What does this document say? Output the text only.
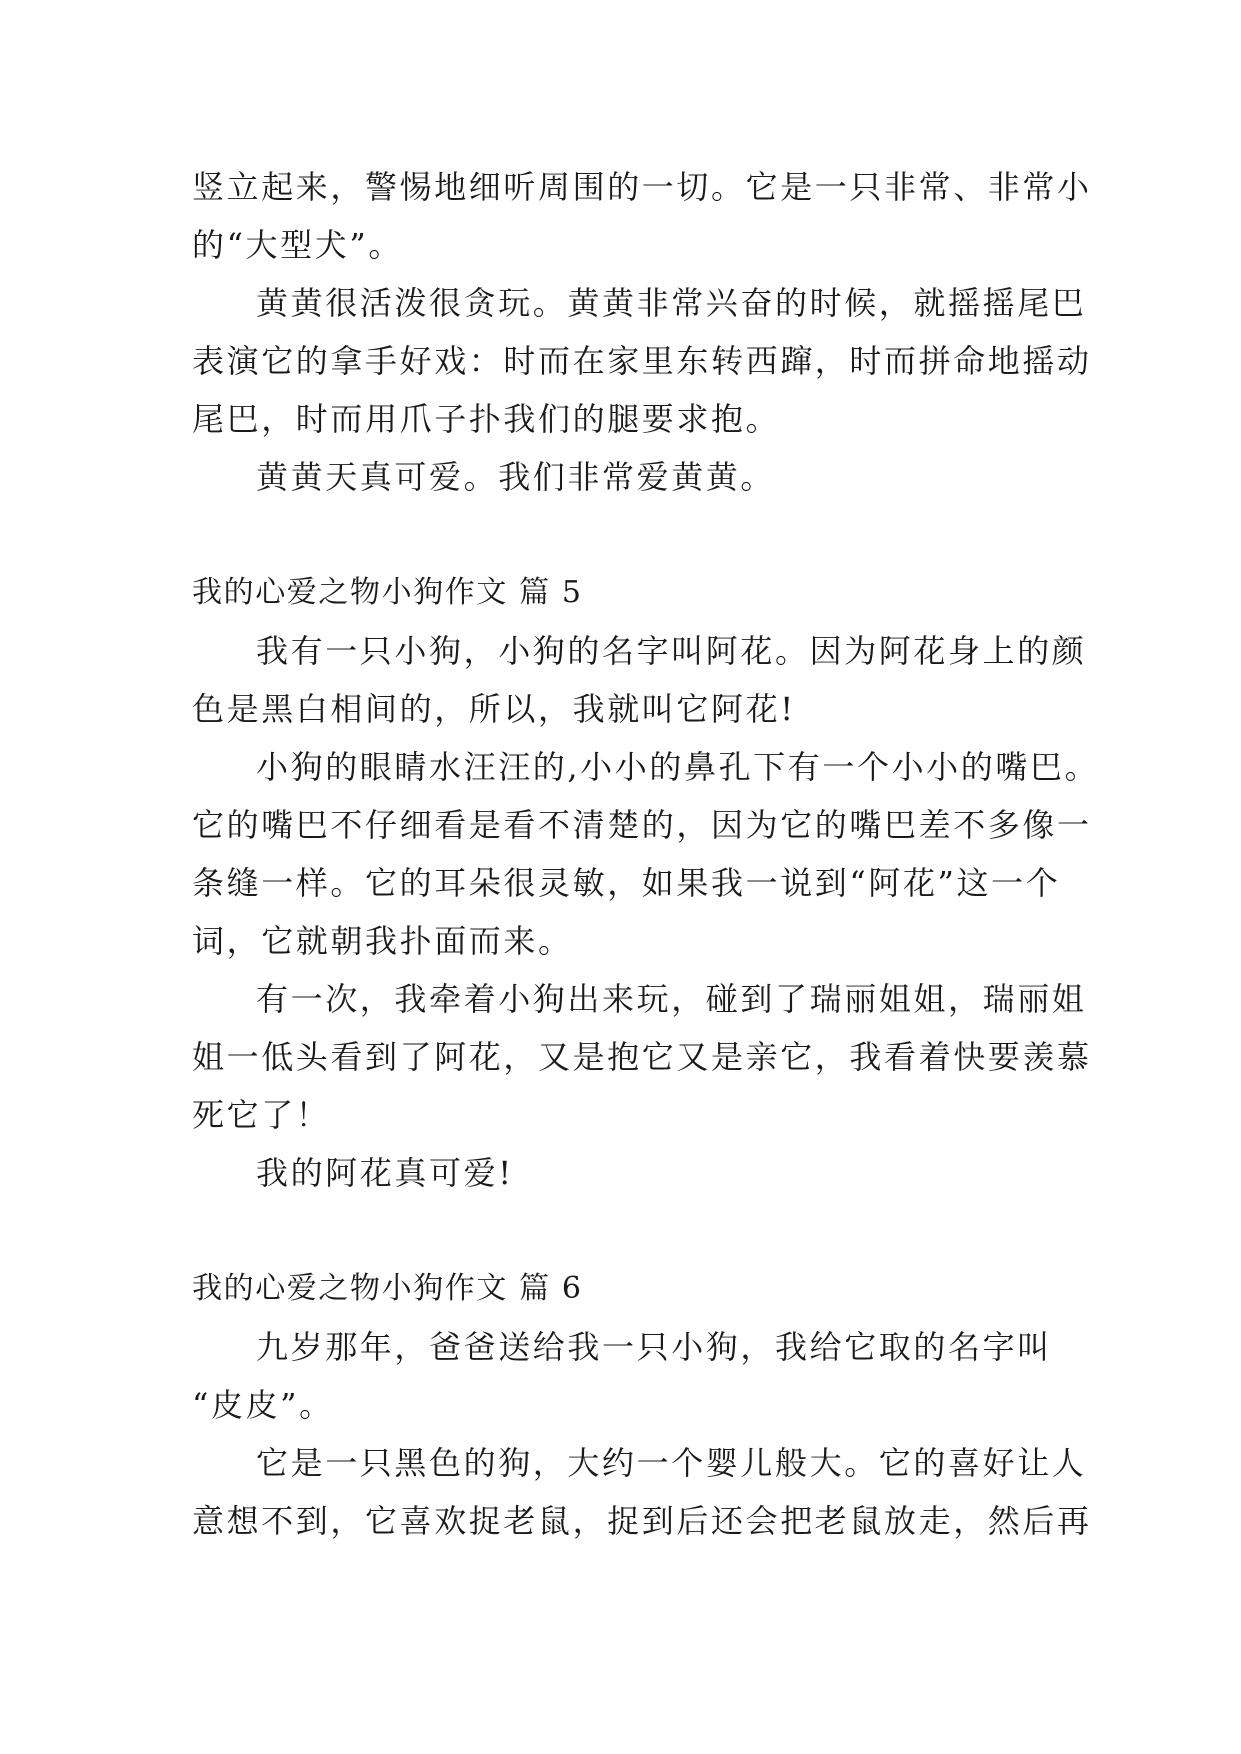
竖立起来，警惕地细听周围的一切。它是一只非常、非常小

的“大型犬”。

黄黄很活泼很贪玩。黄黄非常兴奋的时候，就摇摇尾巴

表演它的拿手好戏：时而在家里东转西蹿，时而拼命地摇动

尾巴，时而用爪子扑我们的腿要求抱。

黄黄天真可爱。我们非常爱黄黄。

我的心爱之物小狗作文 篇 5

我有一只小狗，小狗的名字叫阿花。因为阿花身上的颜

色是黑白相间的，所以，我就叫它阿花!

小狗的眼睛水汪汪的,小小的鼻孔下有一个小小的嘴巴。

它的嘴巴不仔细看是看不清楚的，因为它的嘴巴差不多像一

条缝一样。它的耳朵很灵敏，如果我一说到“阿花”这一个

词，它就朝我扑面而来。

有一次，我牵着小狗出来玩，碰到了瑞丽姐姐，瑞丽姐

姐一低头看到了阿花，又是抱它又是亲它，我看着快要羡慕

死它了！

我的阿花真可爱!

我的心爱之物小狗作文 篇 6

九岁那年，爸爸送给我一只小狗，我给它取的名字叫

“皮皮”。

它是一只黑色的狗，大约一个婴儿般大。它的喜好让人

意想不到，它喜欢捉老鼠，捉到后还会把老鼠放走，然后再
